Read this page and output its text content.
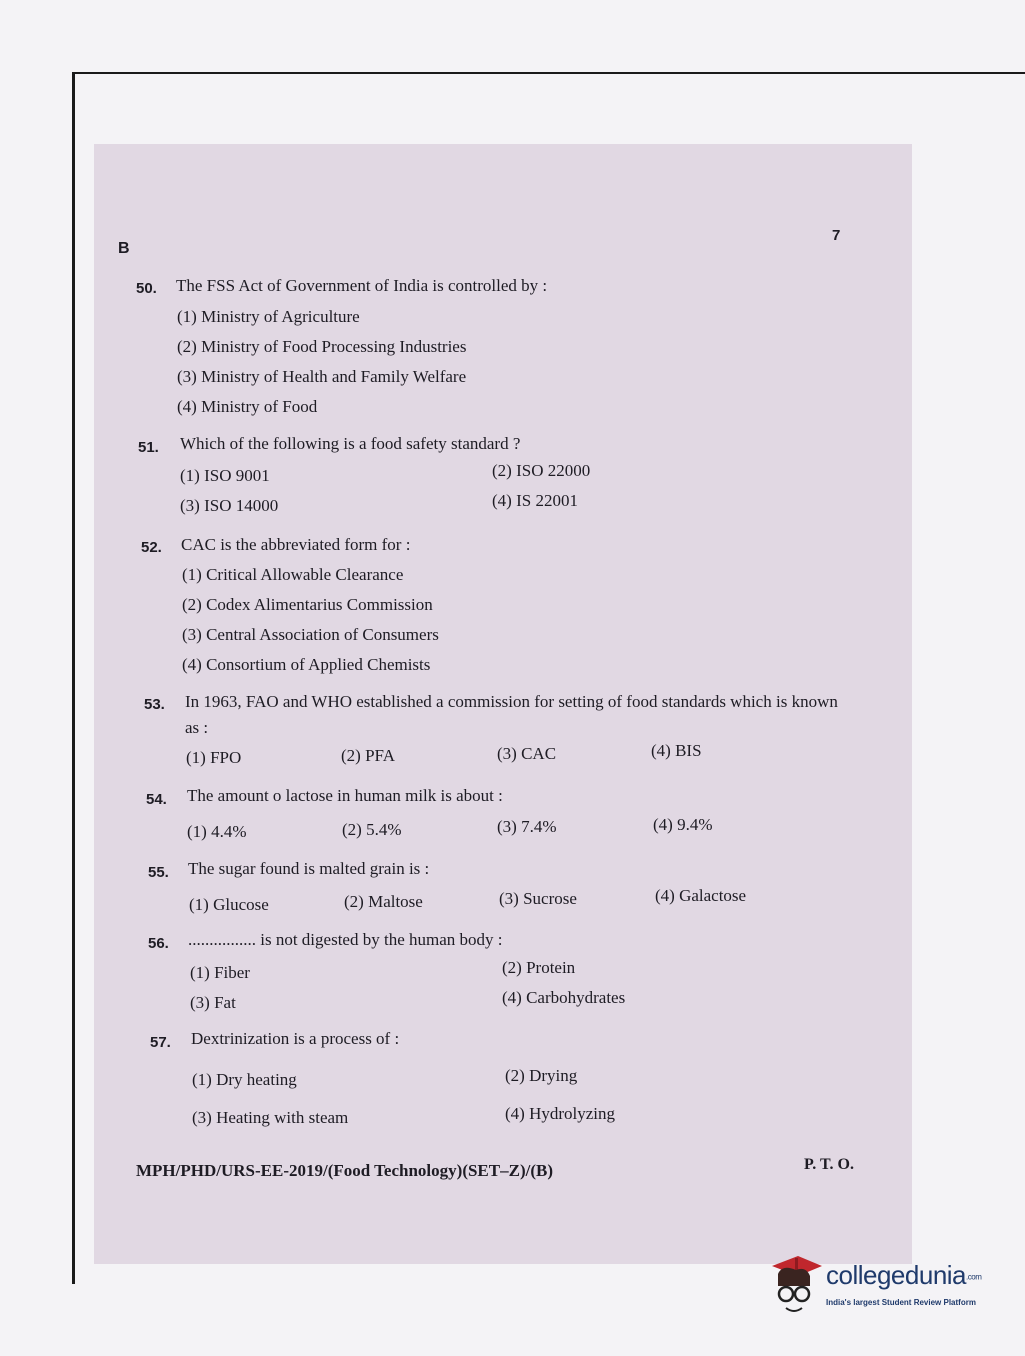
B
7
50. The FSS Act of Government of India is controlled by :
(1) Ministry of Agriculture
(2) Ministry of Food Processing Industries
(3) Ministry of Health and Family Welfare
(4) Ministry of Food
51. Which of the following is a food safety standard ?
(1) ISO 9001	(2) ISO 22000
(3) ISO 14000	(4) IS 22001
52. CAC is the abbreviated form for :
(1) Critical Allowable Clearance
(2) Codex Alimentarius Commission
(3) Central Association of Consumers
(4) Consortium of Applied Chemists
53. In 1963, FAO and WHO established a commission for setting of food standards which is known as :
(1) FPO	(2) PFA	(3) CAC	(4) BIS
54. The amount o lactose in human milk is about :
(1) 4.4%	(2) 5.4%	(3) 7.4%	(4) 9.4%
55. The sugar found is malted grain is :
(1) Glucose	(2) Maltose	(3) Sucrose	(4) Galactose
56. ................ is not digested by the human body :
(1) Fiber	(2) Protein
(3) Fat	(4) Carbohydrates
57. Dextrinization is a process of :
(1) Dry heating	(2) Drying
(3) Heating with steam	(4) Hydrolyzing
MPH/PHD/URS-EE-2019/(Food Technology)(SET–Z)/(B)	P. T. O.
collegedunia.com
India's largest Student Review Platform
